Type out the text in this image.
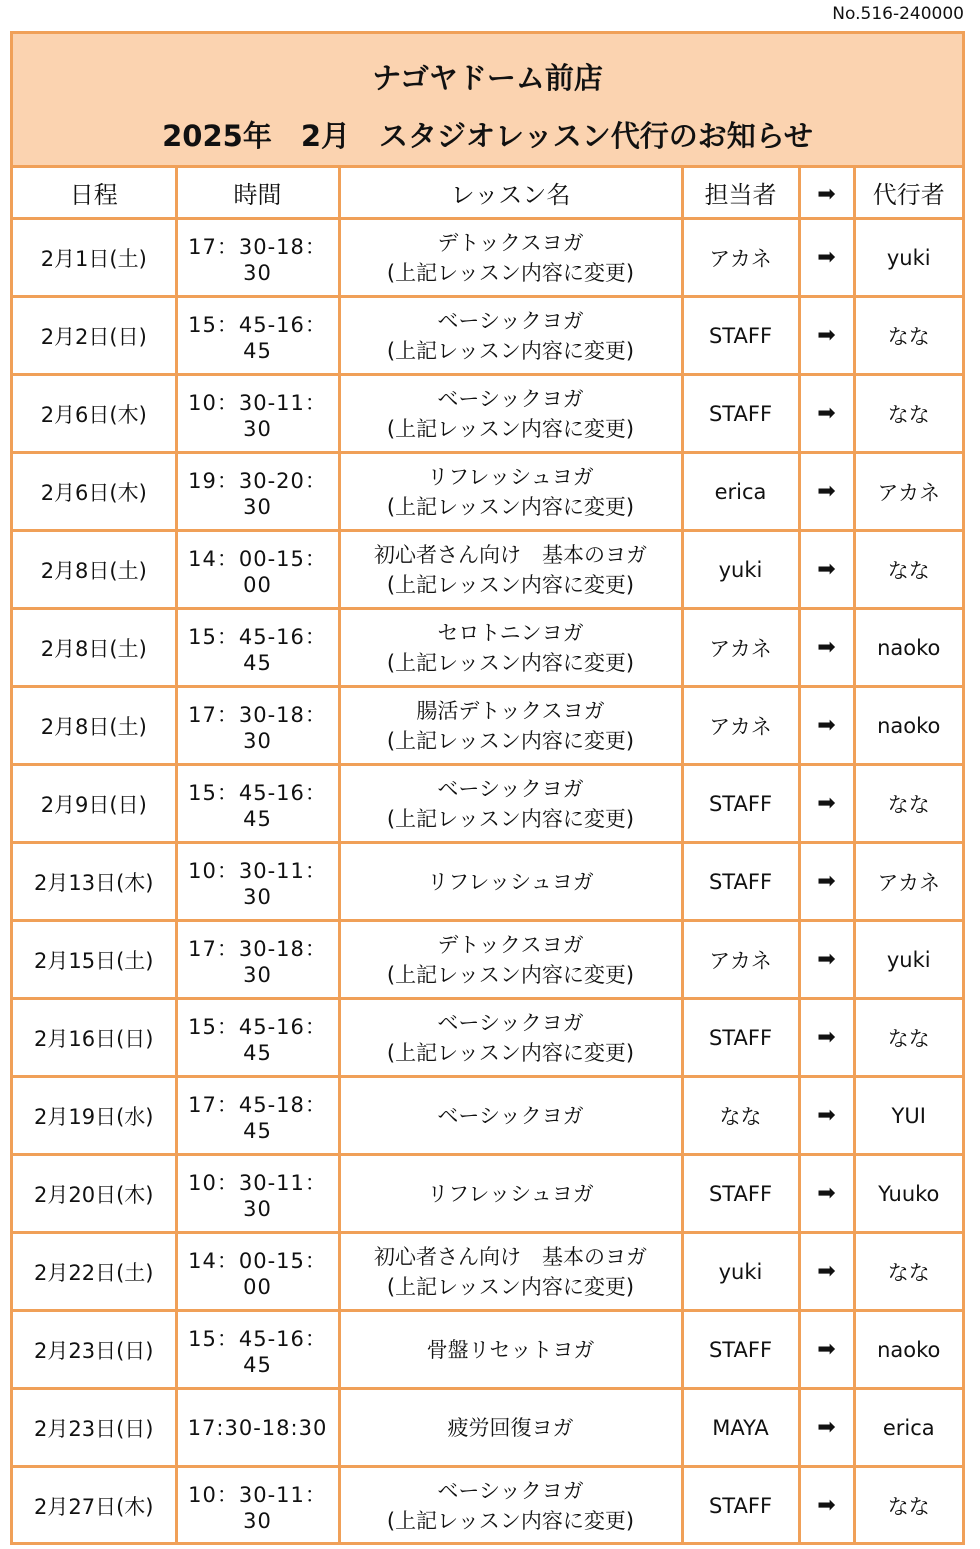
No.516-240000
ナゴヤドーム前店
2025年　2月　スタジオレッスン代行のお知らせ
日程	時間	レッスン名	担当者	➡	代行者
2月1日(土)	17：30-18：30	デトックスヨガ
(上記レッスン内容に変更)	アカネ	➡	yuki
2月2日(日)	15：45-16：45	ベーシックヨガ
(上記レッスン内容に変更)	STAFF	➡	なな
2月6日(木)	10：30-11：30	ベーシックヨガ
(上記レッスン内容に変更)	STAFF	➡	なな
2月6日(木)	19：30-20：30	リフレッシュヨガ
(上記レッスン内容に変更)	erica	➡	アカネ
2月8日(土)	14：00-15：00	初心者さん向け　基本のヨガ
(上記レッスン内容に変更)	yuki	➡	なな
2月8日(土)	15：45-16：45	セロトニンヨガ
(上記レッスン内容に変更)	アカネ	➡	naoko
2月8日(土)	17：30-18：30	腸活デトックスヨガ
(上記レッスン内容に変更)	アカネ	➡	naoko
2月9日(日)	15：45-16：45	ベーシックヨガ
(上記レッスン内容に変更)	STAFF	➡	なな
2月13日(木)	10：30-11：30	リフレッシュヨガ	STAFF	➡	アカネ
2月15日(土)	17：30-18：30	デトックスヨガ
(上記レッスン内容に変更)	アカネ	➡	yuki
2月16日(日)	15：45-16：45	ベーシックヨガ
(上記レッスン内容に変更)	STAFF	➡	なな
2月19日(水)	17：45-18：45	ベーシックヨガ	なな	➡	YUI
2月20日(木)	10：30-11：30	リフレッシュヨガ	STAFF	➡	Yuuko
2月22日(土)	14：00-15：00	初心者さん向け　基本のヨガ
(上記レッスン内容に変更)	yuki	➡	なな
2月23日(日)	15：45-16：45	骨盤リセットヨガ	STAFF	➡	naoko
2月23日(日)	17:30-18:30	疲労回復ヨガ	MAYA	➡	erica
2月27日(木)	10：30-11：30	ベーシックヨガ
(上記レッスン内容に変更)	STAFF	➡	なな
